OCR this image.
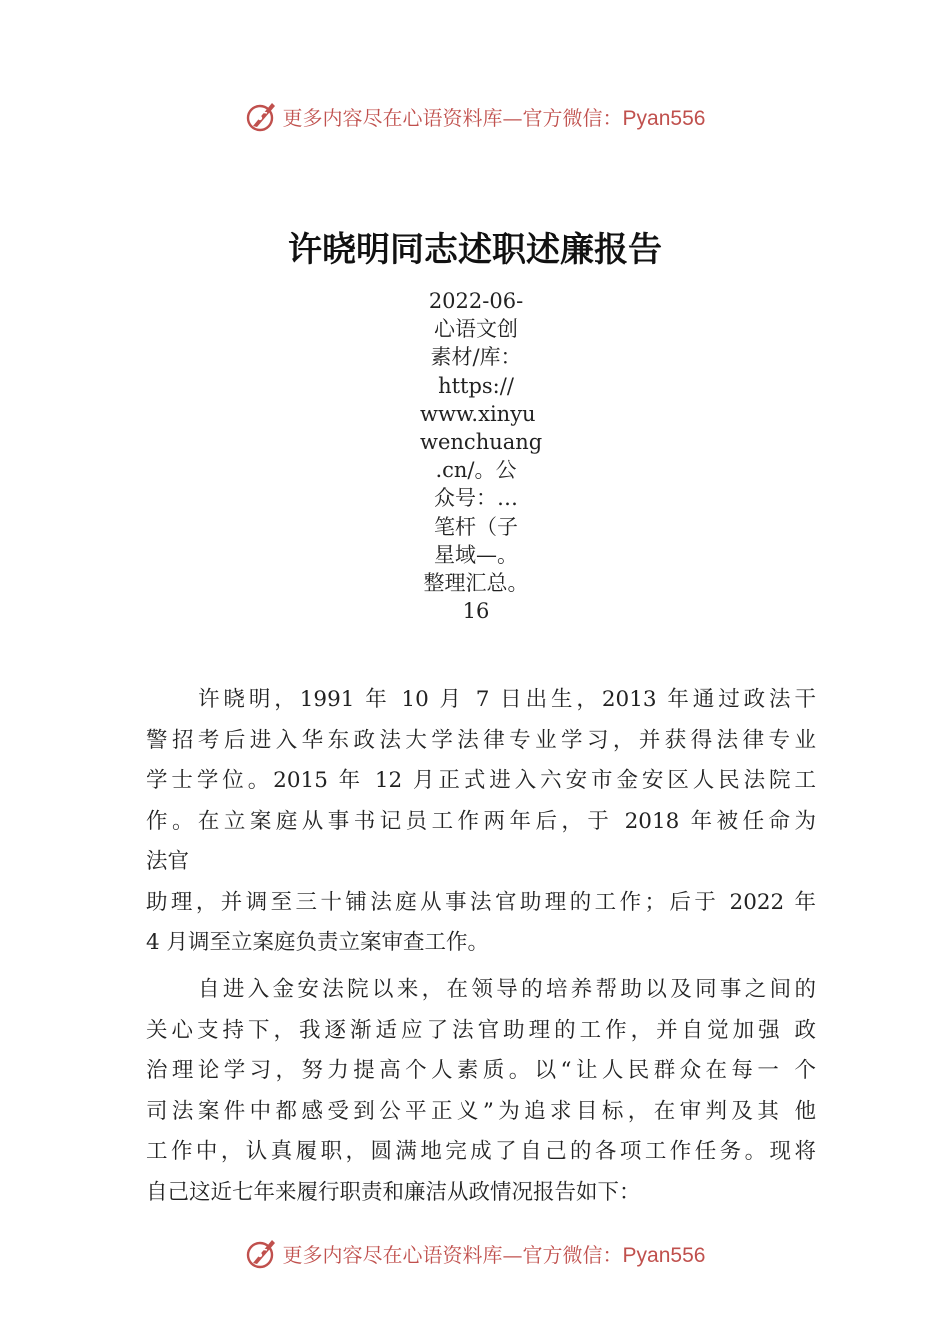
更多内容尽在心语资料库—官方微信：Pyan556
许晓明同志述职述廉报告
2022-06-
心语文创
素材/库：
https://
www.xinyu
wenchuang
.cn/。公
众号：…
笔杆（子
星域—。
整理汇总。
16
许晓明，1991 年 10 月 7 日出生，2013 年通过政法干
警招考后进入华东政法大学法律专业学习，并获得法律专业
学士学位。2015 年 12 月正式进入六安市金安区人民法院工
作。在立案庭从事书记员工作两年后，于 2018 年被任命为
法官
助理，并调至三十铺法庭从事法官助理的工作；后于 2022 年
4 月调至立案庭负责立案审查工作。
自进入金安法院以来，在领导的培养帮助以及同事之间的
关心支持下，我逐渐适应了法官助理的工作，并自觉加强 政
治理论学习，努力提高个人素质。以“让人民群众在每一 个
司法案件中都感受到公平正义”为追求目标，在审判及其 他
工作中，认真履职，圆满地完成了自己的各项工作任务。现将
自己这近七年来履行职责和廉洁从政情况报告如下：
更多内容尽在心语资料库—官方微信：Pyan556
